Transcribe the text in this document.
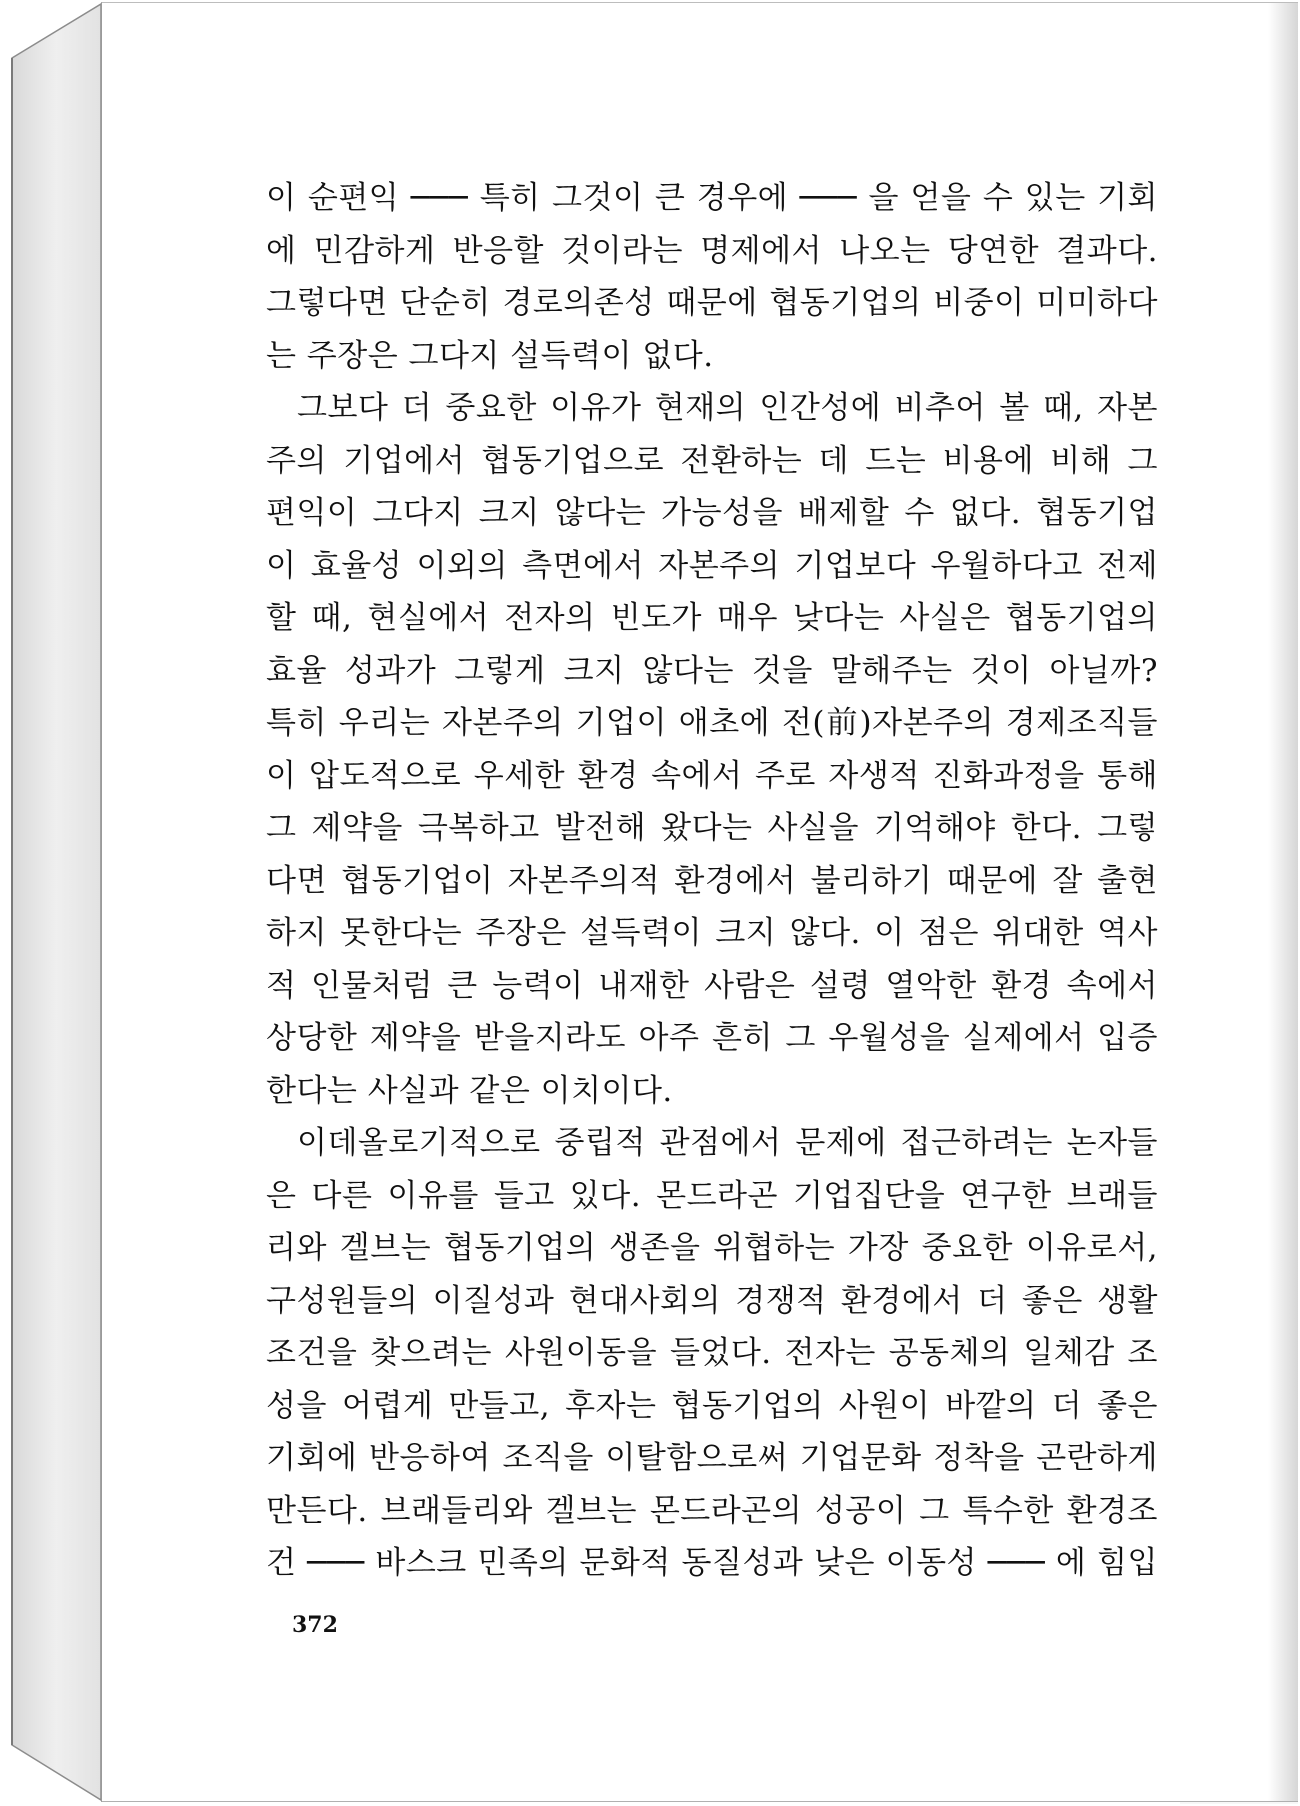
이 순편익 ─── 특히 그것이 큰 경우에 ─── 을 얻을 수 있는 기회
에 민감하게 반응할 것이라는 명제에서 나오는 당연한 결과다.
그렇다면 단순히 경로의존성 때문에 협동기업의 비중이 미미하다
는 주장은 그다지 설득력이 없다.
그보다 더 중요한 이유가 현재의 인간성에 비추어 볼 때, 자본
주의 기업에서 협동기업으로 전환하는 데 드는 비용에 비해 그
편익이 그다지 크지 않다는 가능성을 배제할 수 없다. 협동기업
이 효율성 이외의 측면에서 자본주의 기업보다 우월하다고 전제
할 때, 현실에서 전자의 빈도가 매우 낮다는 사실은 협동기업의
효율 성과가 그렇게 크지 않다는 것을 말해주는 것이 아닐까?
특히 우리는 자본주의 기업이 애초에 전(前)자본주의 경제조직들
이 압도적으로 우세한 환경 속에서 주로 자생적 진화과정을 통해
그 제약을 극복하고 발전해 왔다는 사실을 기억해야 한다. 그렇
다면 협동기업이 자본주의적 환경에서 불리하기 때문에 잘 출현
하지 못한다는 주장은 설득력이 크지 않다. 이 점은 위대한 역사
적 인물처럼 큰 능력이 내재한 사람은 설령 열악한 환경 속에서
상당한 제약을 받을지라도 아주 흔히 그 우월성을 실제에서 입증
한다는 사실과 같은 이치이다.
이데올로기적으로 중립적 관점에서 문제에 접근하려는 논자들
은 다른 이유를 들고 있다. 몬드라곤 기업집단을 연구한 브래들
리와 겔브는 협동기업의 생존을 위협하는 가장 중요한 이유로서,
구성원들의 이질성과 현대사회의 경쟁적 환경에서 더 좋은 생활
조건을 찾으려는 사원이동을 들었다. 전자는 공동체의 일체감 조
성을 어렵게 만들고, 후자는 협동기업의 사원이 바깥의 더 좋은
기회에 반응하여 조직을 이탈함으로써 기업문화 정착을 곤란하게
만든다. 브래들리와 겔브는 몬드라곤의 성공이 그 특수한 환경조
건 ─── 바스크 민족의 문화적 동질성과 낮은 이동성 ─── 에 힘입
372
